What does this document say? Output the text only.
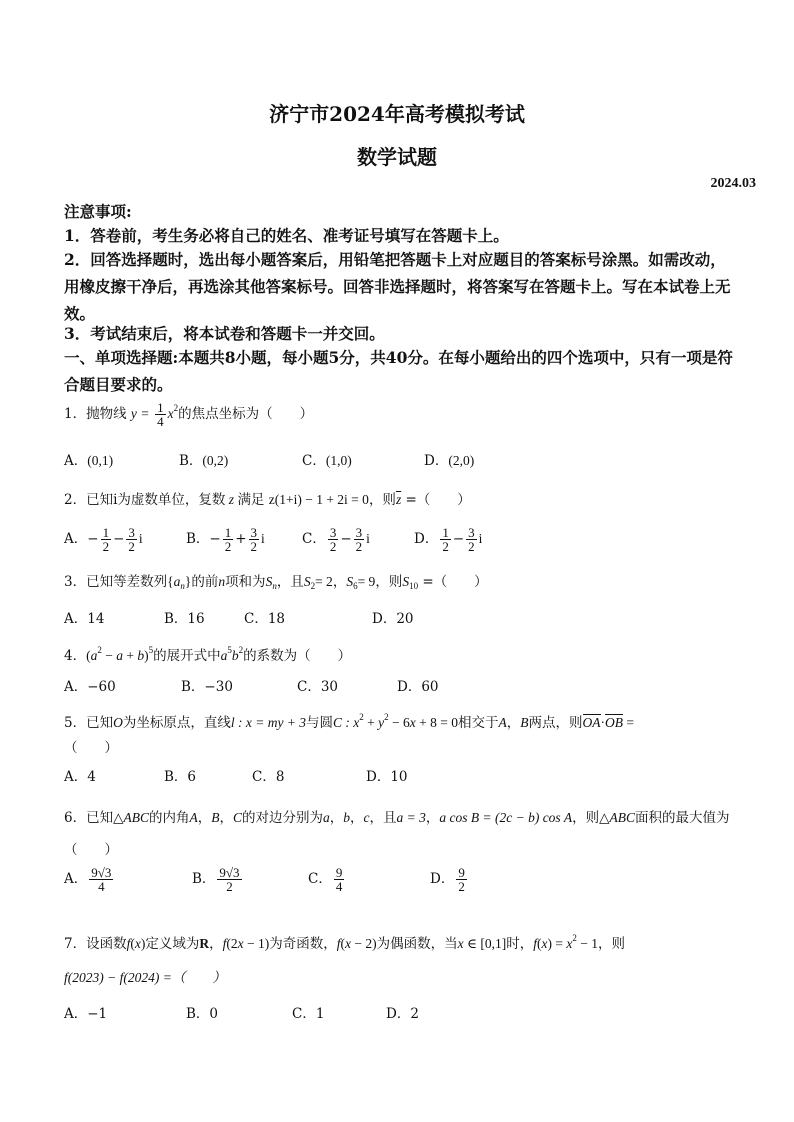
济宁市2024年高考模拟考试
数学试题
2024.03
注意事项:
1．答卷前，考生务必将自己的姓名、准考证号填写在答题卡上。
2．回答选择题时，选出每小题答案后，用铅笔把答题卡上对应题目的答案标号涂黑。如需改动，用橡皮擦干净后，再选涂其他答案标号。回答非选择题时，将答案写在答题卡上。写在本试卷上无效。
3．考试结束后，将本试卷和答题卡一并交回。
一、单项选择题:本题共8小题，每小题5分，共40分。在每小题给出的四个选项中，只有一项是符合题目要求的。
1．抛物线 $y = \frac{1}{4} x^2$的焦点坐标为（　　）
A．(0,1)	B．(0,2)	C．(1,0)	D．(2,0)
2．已知i为虚数单位，复数 z 满足 z(1+i) − 1 + 2i = 0，则$\overline{z}$ =（　　）
A．− $\frac{1}{2} - \frac{3}{2}$ i	B．− $\frac{1}{2} + \frac{3}{2}$ i	C． $\frac{3}{2} - \frac{3}{2}$ i	D． $\frac{1}{2} - \frac{3}{2}$ i
3．已知等差数列$\{a_n\}$的前n项和为$S_n$，且$S_2= 2$，$S_6= 9$，则$S_{10}$ =（　　）
A．14	B．16	C．18	D．20
4．$(a^2 - a + b)^5$的展开式中$a^5b^2$的系数为（　　）
A．−60	B．−30	C．30	D．60
5．已知O为坐标原点，直线l : x = my + 3与圆C : $x^2 + y^2 - 6x + 8 = 0$相交于A，B两点，则OA·OB =
（　　）
A．4	B．6	C．8	D．10
6．已知△ABC的内角A，B，C的对边分别为a，b，c，且a = 3，a cos B = (2c − b) cos A，则△ABC面积的最大值为（　　）
A． $\frac{9√3}{4}$	B． $\frac{9√3}{2}$	C． $\frac{9}{4}$	D． $\frac{9}{2}$
7．设函数f(x)定义域为R，f(2x − 1)为奇函数，f(x − 2)为偶函数，当x ∈ [0,1]时，$f(x) = x^2 - 1$，则
f(2023) − f(2024) =（　　）
A．−1	B．0	C．1	D．2
